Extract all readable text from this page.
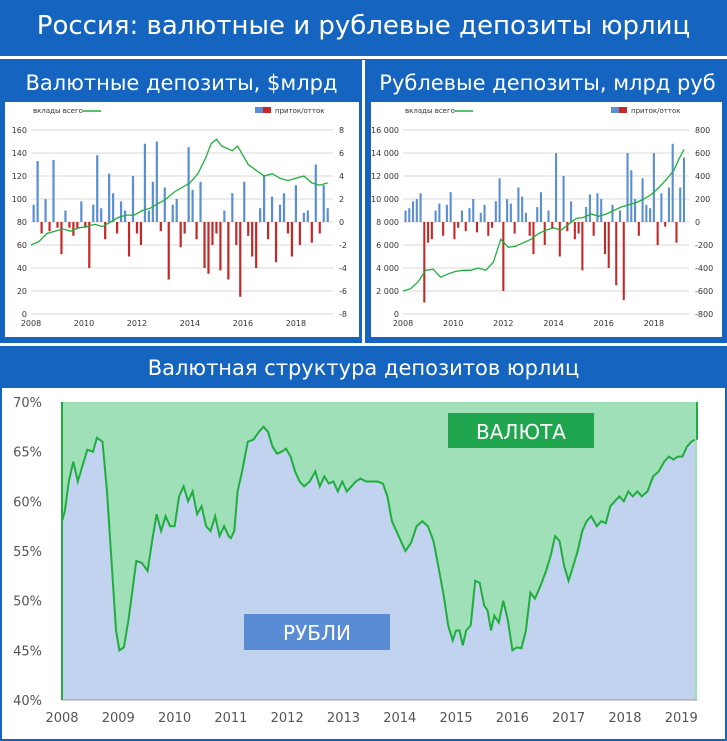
Россия: валютные и рублевые депозиты юрлиц
Валютные депозиты, $млрд	Рублевые депозиты, млрд руб
Валютная структура депозитов юрлиц
0	-8
20	-6
40	-4
60	-2
80	0
100	2
120	4
140	6
160	8
2008	2010	2012	2014	2016	2018
вклады всего	приток/отток
0	-800
2 000	-600
4 000	-400
6 000	-200
8 000	0
10 000	200
12 000	400
14 000	600
16 000	800
2008	2010	2012	2014	2016	2018
вклады всего	приток/отток
40%
45%
50%
55%
60%
65%
70%
2008 2009 2010 2011 2012 2013 2014 2015 2016 2017 2018 2019
ВАЛЮТА
РУБЛИ
